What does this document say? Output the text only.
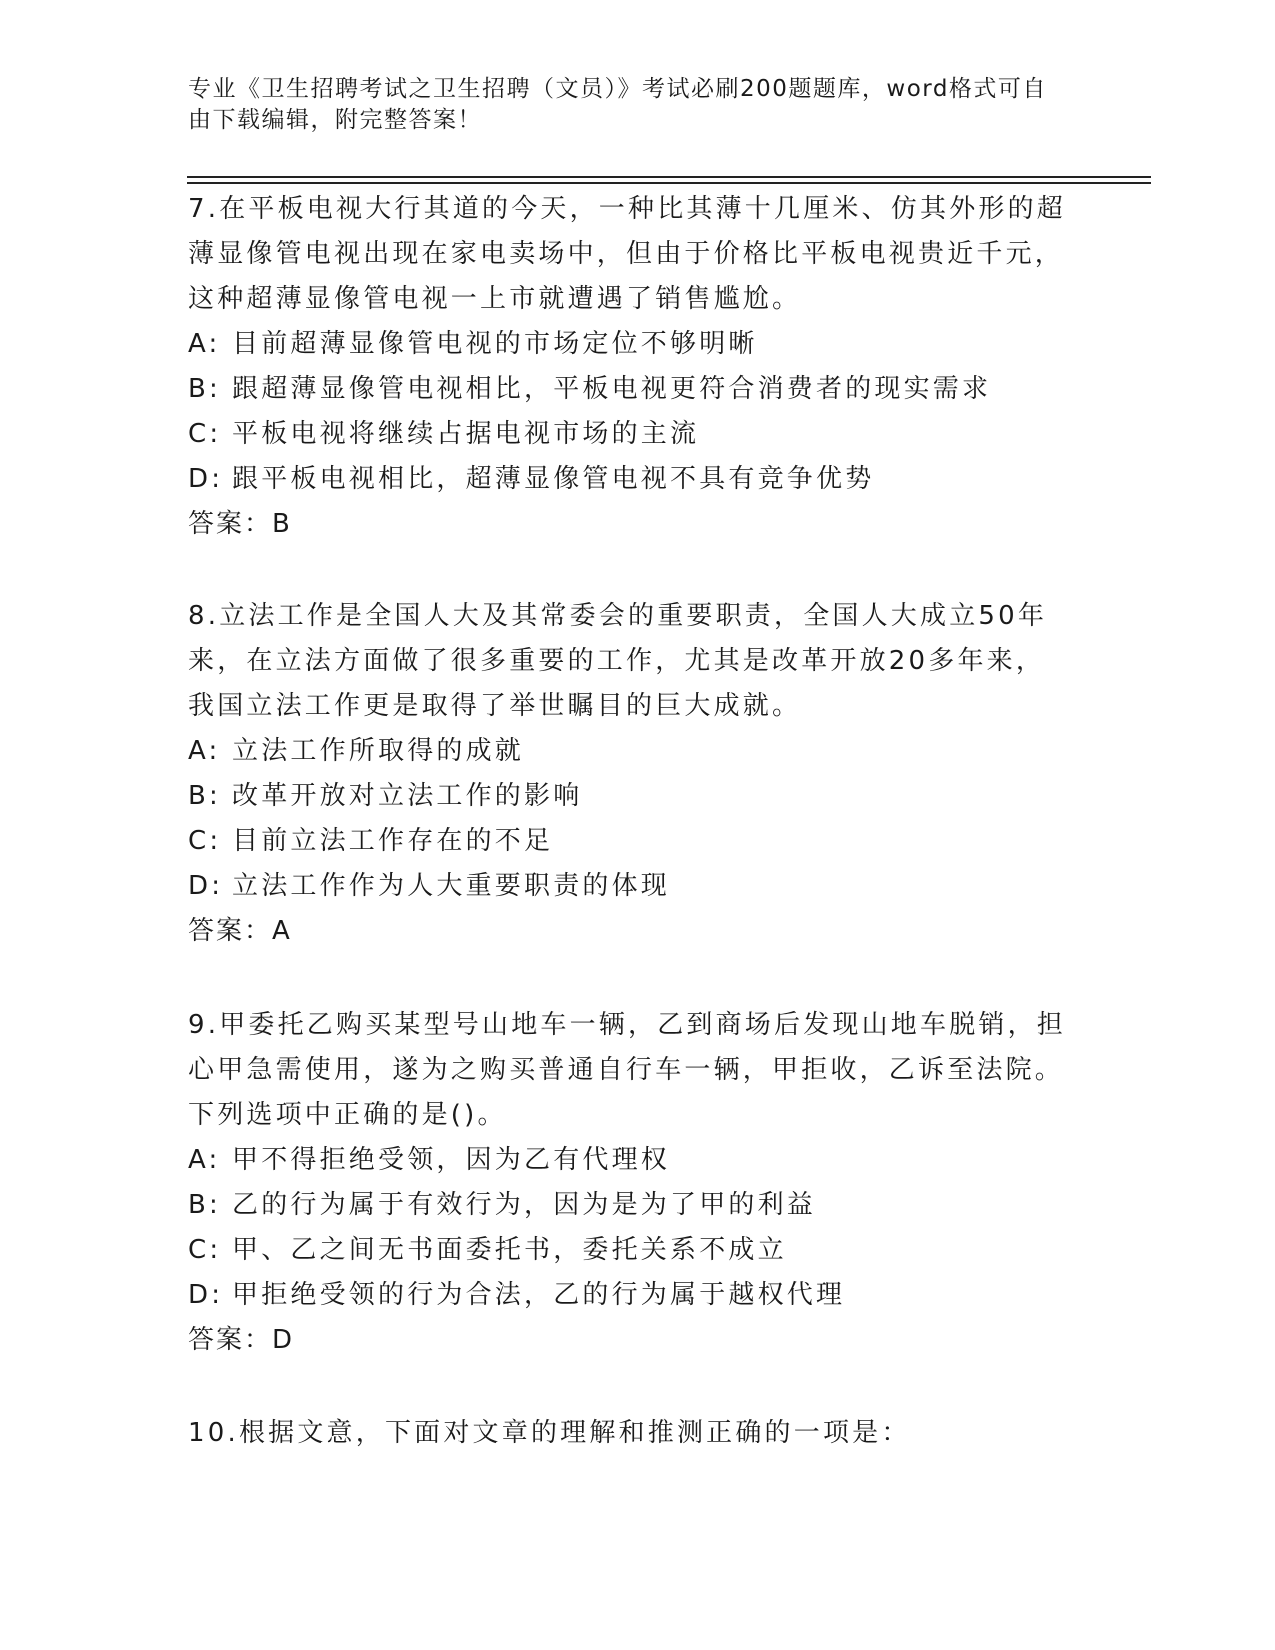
专业《卫生招聘考试之卫生招聘（文员）》考试必刷200题题库，word格式可自由下载编辑，附完整答案！

7.在平板电视大行其道的今天，一种比其薄十几厘米、仿其外形的超薄显像管电视出现在家电卖场中，但由于价格比平板电视贵近千元，这种超薄显像管电视一上市就遭遇了销售尴尬。

A: 目前超薄显像管电视的市场定位不够明晰

B: 跟超薄显像管电视相比，平板电视更符合消费者的现实需求

C: 平板电视将继续占据电视市场的主流

D: 跟平板电视相比，超薄显像管电视不具有竞争优势

答案：B

8.立法工作是全国人大及其常委会的重要职责，全国人大成立50年来，在立法方面做了很多重要的工作，尤其是改革开放20多年来，我国立法工作更是取得了举世瞩目的巨大成就。

A: 立法工作所取得的成就

B: 改革开放对立法工作的影响

C: 目前立法工作存在的不足

D: 立法工作作为人大重要职责的体现

答案：A

9.甲委托乙购买某型号山地车一辆，乙到商场后发现山地车脱销，担心甲急需使用，遂为之购买普通自行车一辆，甲拒收，乙诉至法院。下列选项中正确的是()。

A: 甲不得拒绝受领，因为乙有代理权

B: 乙的行为属于有效行为，因为是为了甲的利益

C: 甲、乙之间无书面委托书，委托关系不成立

D: 甲拒绝受领的行为合法，乙的行为属于越权代理

答案：D

10.根据文意，下面对文章的理解和推测正确的一项是：
